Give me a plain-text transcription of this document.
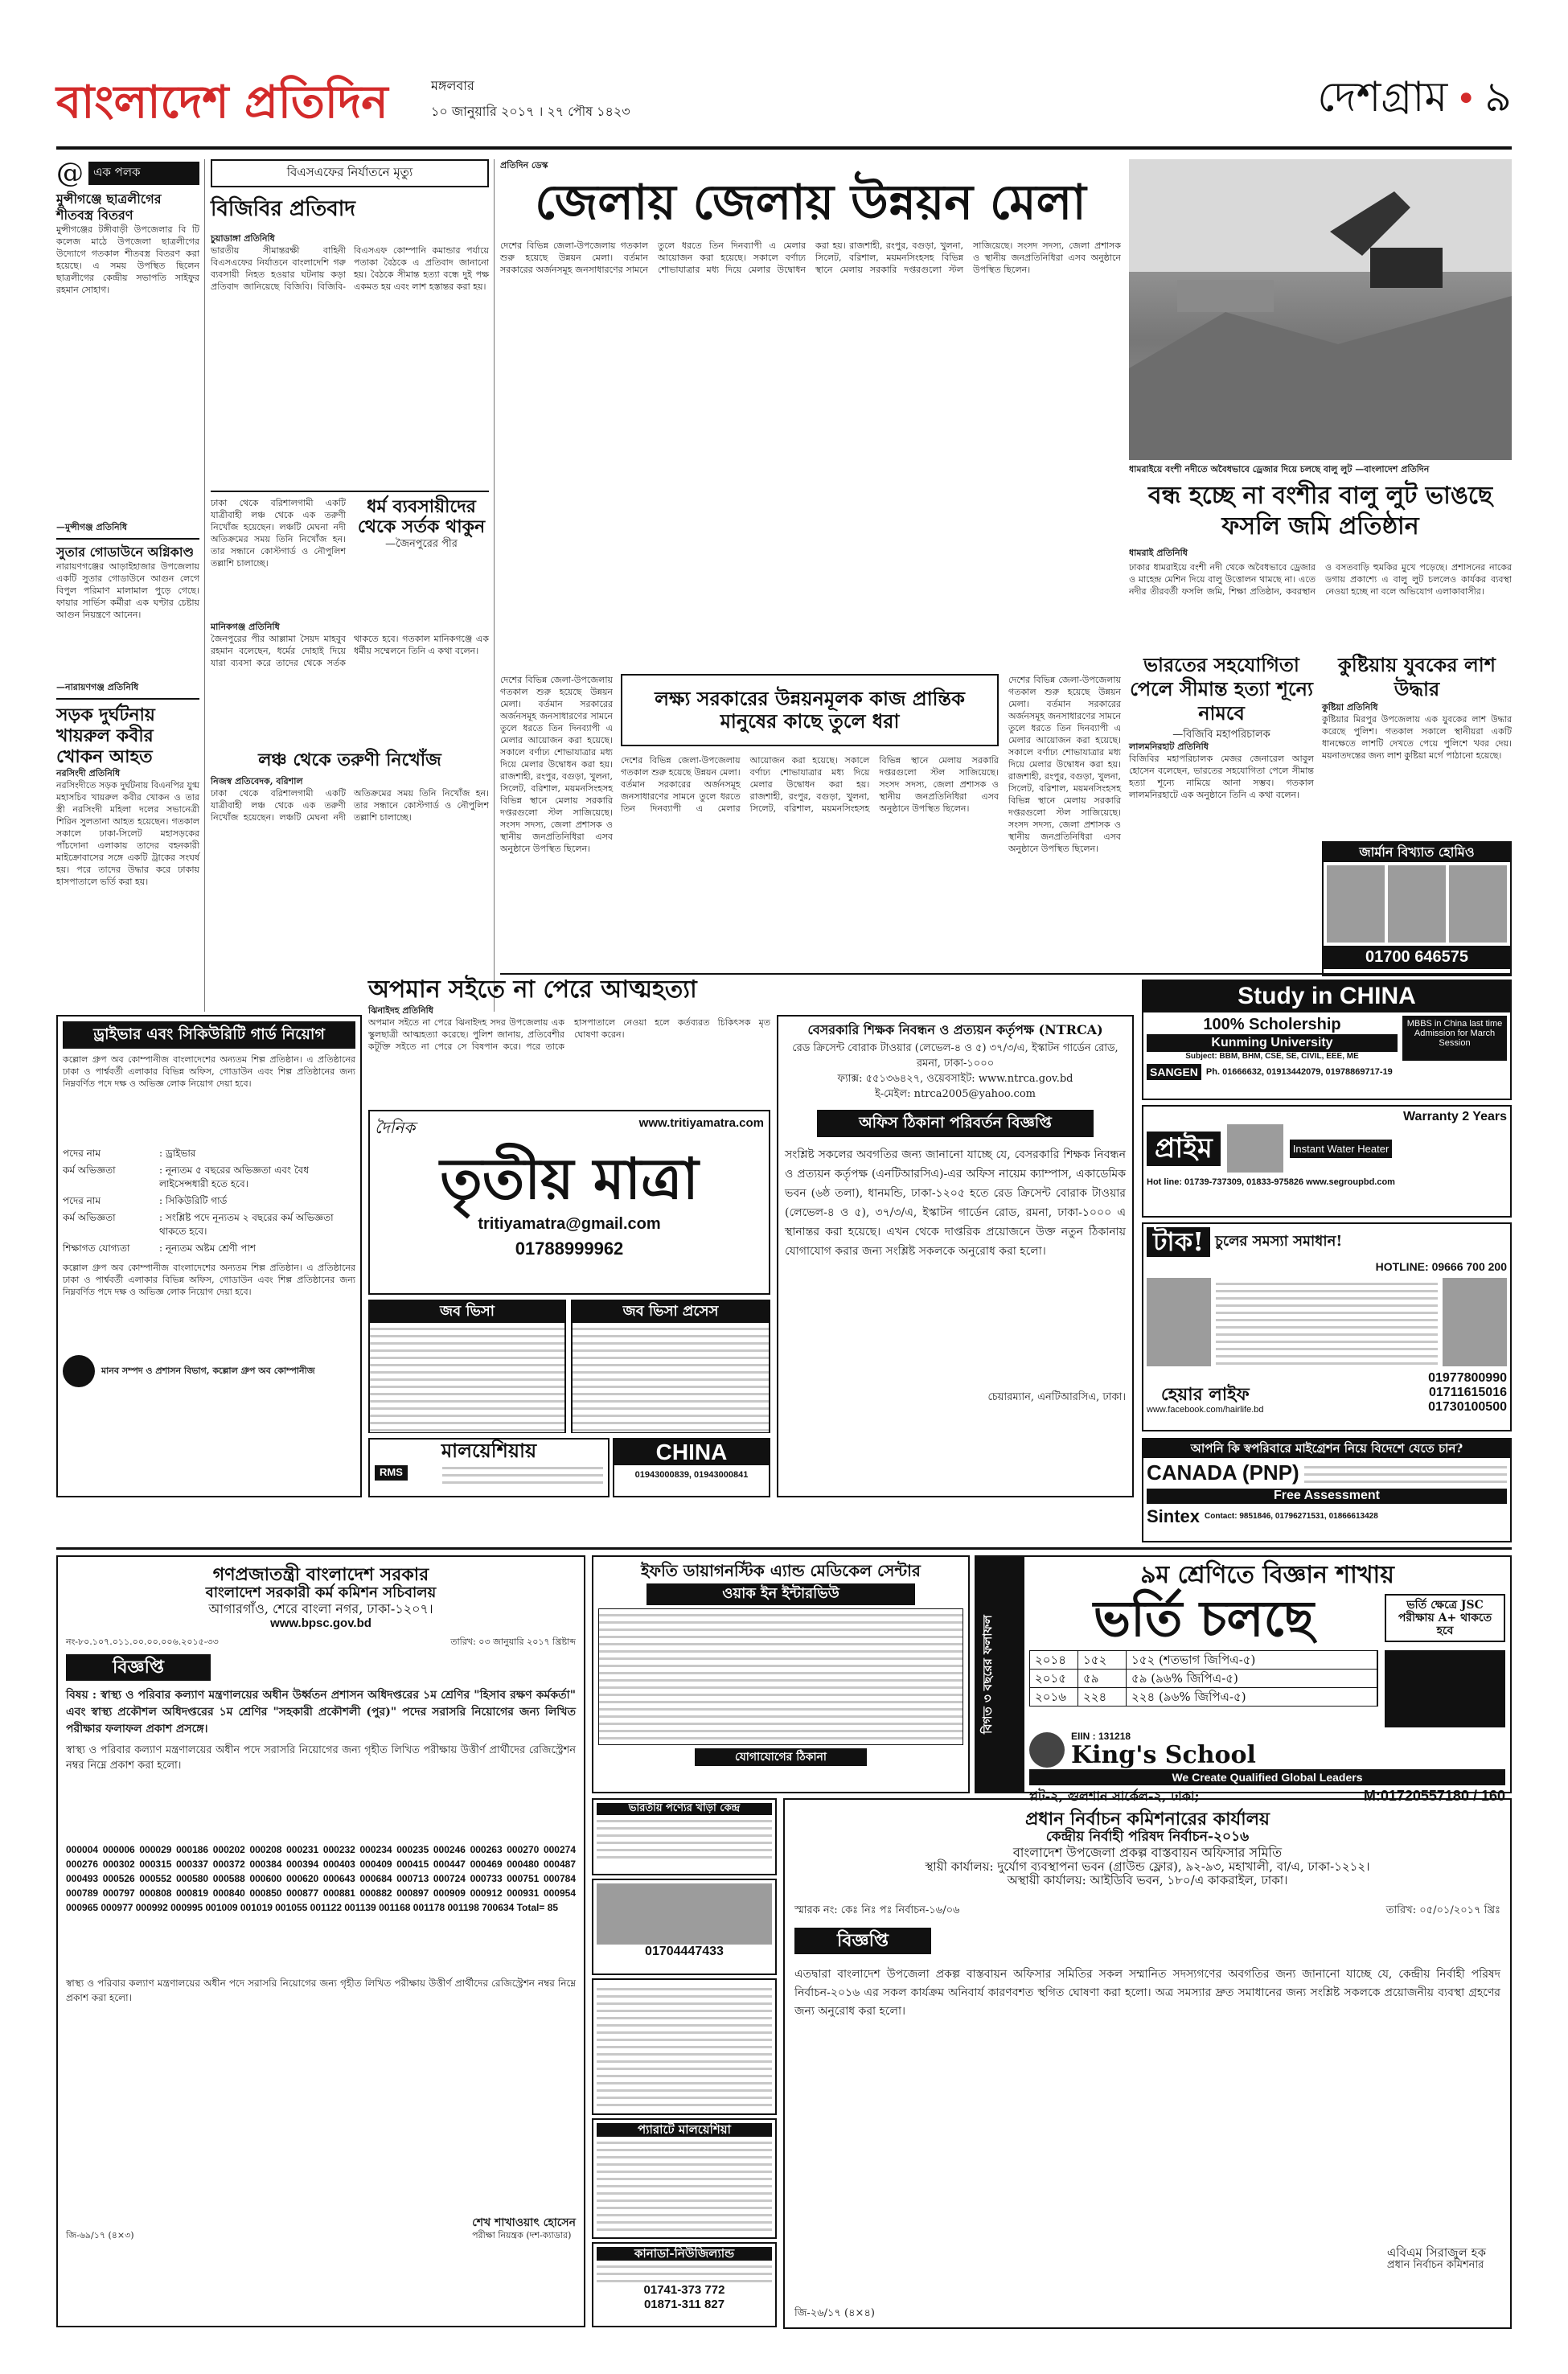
বাংলাদেশ প্রতিদিন	মঙ্গলবার
১০ জানুয়ারি ২০১৭ । ২৭ পৌষ ১৪২৩	দেশগ্রাম • ৯
@ এক পলক
মুন্সীগঞ্জে ছাত্রলীগের শীতবস্ত্র বিতরণ
মুন্সীগঞ্জের টঙ্গীবাড়ী উপজেলার বি টি কলেজ মাঠে উপজেলা ছাত্রলীগের উদ্যোগে গতকাল শীতবস্ত্র বিতরণ করা হয়েছে। এ সময় উপস্থিত ছিলেন ছাত্রলীগের কেন্দ্রীয় সভাপতি সাইফুর রহমান সোহাগ।
—মুন্সীগঞ্জ প্রতিনিধি
সুতার গোডাউনে অগ্নিকাণ্ড
নারায়ণগঞ্জের আড়াইহাজার উপজেলায় একটি সুতার গোডাউনে আগুন লেগে বিপুল পরিমাণ মালামাল পুড়ে গেছে। ফায়ার সার্ভিস কর্মীরা এক ঘণ্টার চেষ্টায় আগুন নিয়ন্ত্রণে আনেন।
—নারায়ণগঞ্জ প্রতিনিধি
সড়ক দুর্ঘটনায় খায়রুল কবীর খোকন আহত
নরসিংদী প্রতিনিধি
নরসিংদীতে সড়ক দুর্ঘটনায় বিএনপির যুগ্ম মহাসচিব খায়রুল কবীর খোকন ও তার স্ত্রী নরসিংদী মহিলা দলের সভানেত্রী শিরিন সুলতানা আহত হয়েছেন। গতকাল সকালে ঢাকা-সিলেট মহাসড়কের পাঁচদোনা এলাকায় তাদের বহনকারী মাইক্রোবাসের সঙ্গে একটি ট্রাকের সংঘর্ষ হয়। পরে তাদের উদ্ধার করে ঢাকায় হাসপাতালে ভর্তি করা হয়।
বিএসএফের নির্যাতনে মৃত্যু
বিজিবির প্রতিবাদ
চুয়াডাঙ্গা প্রতিনিধি
ভারতীয় সীমান্তরক্ষী বাহিনী বিএসএফের নির্যাতনে বাংলাদেশি গরু ব্যবসায়ী নিহত হওয়ার ঘটনায় কড়া প্রতিবাদ জানিয়েছে বিজিবি। বিজিবি-বিএসএফ কোম্পানি কমান্ডার পর্যায়ে পতাকা বৈঠকে এ প্রতিবাদ জানানো হয়। বৈঠকে সীমান্ত হত্যা বন্ধে দুই পক্ষ একমত হয় এবং লাশ হস্তান্তর করা হয়।
ঢাকা থেকে বরিশালগামী একটি যাত্রীবাহী লঞ্চ থেকে এক তরুণী নিখোঁজ হয়েছেন। লঞ্চটি মেঘনা নদী অতিক্রমের সময় তিনি নিখোঁজ হন। তার সন্ধানে কোস্টগার্ড ও নৌপুলিশ তল্লাশি চালাচ্ছে।
ধর্ম ব্যবসায়ীদের থেকে সর্তক থাকুন
—জৈনপুরের পীর
মানিকগঞ্জ প্রতিনিধি
জৈনপুরের পীর আল্লামা সৈয়দ মাহবুব রহমান বলেছেন, ধর্মের দোহাই দিয়ে যারা ব্যবসা করে তাদের থেকে সর্তক থাকতে হবে। গতকাল মানিকগঞ্জে এক ধর্মীয় সম্মেলনে তিনি এ কথা বলেন।
লঞ্চ থেকে তরুণী নিখোঁজ
নিজস্ব প্রতিবেদক, বরিশাল
ঢাকা থেকে বরিশালগামী একটি যাত্রীবাহী লঞ্চ থেকে এক তরুণী নিখোঁজ হয়েছেন। লঞ্চটি মেঘনা নদী অতিক্রমের সময় তিনি নিখোঁজ হন। তার সন্ধানে কোস্টগার্ড ও নৌপুলিশ তল্লাশি চালাচ্ছে।
প্রতিদিন ডেস্ক
জেলায় জেলায় উন্নয়ন মেলা
দেশের বিভিন্ন জেলা-উপজেলায় গতকাল শুরু হয়েছে উন্নয়ন মেলা। বর্তমান সরকারের অর্জনসমূহ জনসাধারণের সামনে তুলে ধরতে তিন দিনব্যাপী এ মেলার আয়োজন করা হয়েছে। সকালে বর্ণাঢ্য শোভাযাত্রার মধ্য দিয়ে মেলার উদ্বোধন করা হয়। রাজশাহী, রংপুর, বগুড়া, খুলনা, সিলেট, বরিশাল, ময়মনসিংহসহ বিভিন্ন স্থানে মেলায় সরকারি দপ্তরগুলো স্টল সাজিয়েছে। সংসদ সদস্য, জেলা প্রশাসক ও স্থানীয় জনপ্রতিনিধিরা এসব অনুষ্ঠানে উপস্থিত ছিলেন।
দেশের বিভিন্ন জেলা-উপজেলায় গতকাল শুরু হয়েছে উন্নয়ন মেলা। বর্তমান সরকারের অর্জনসমূহ জনসাধারণের সামনে তুলে ধরতে তিন দিনব্যাপী এ মেলার আয়োজন করা হয়েছে। সকালে বর্ণাঢ্য শোভাযাত্রার মধ্য দিয়ে মেলার উদ্বোধন করা হয়। রাজশাহী, রংপুর, বগুড়া, খুলনা, সিলেট, বরিশাল, ময়মনসিংহসহ বিভিন্ন স্থানে মেলায় সরকারি দপ্তরগুলো স্টল সাজিয়েছে। সংসদ সদস্য, জেলা প্রশাসক ও স্থানীয় জনপ্রতিনিধিরা এসব অনুষ্ঠানে উপস্থিত ছিলেন।
লক্ষ্য সরকারের উন্নয়নমূলক কাজ প্রান্তিক মানুষের কাছে তুলে ধরা
দেশের বিভিন্ন জেলা-উপজেলায় গতকাল শুরু হয়েছে উন্নয়ন মেলা। বর্তমান সরকারের অর্জনসমূহ জনসাধারণের সামনে তুলে ধরতে তিন দিনব্যাপী এ মেলার আয়োজন করা হয়েছে। সকালে বর্ণাঢ্য শোভাযাত্রার মধ্য দিয়ে মেলার উদ্বোধন করা হয়। রাজশাহী, রংপুর, বগুড়া, খুলনা, সিলেট, বরিশাল, ময়মনসিংহসহ বিভিন্ন স্থানে মেলায় সরকারি দপ্তরগুলো স্টল সাজিয়েছে। সংসদ সদস্য, জেলা প্রশাসক ও স্থানীয় জনপ্রতিনিধিরা এসব অনুষ্ঠানে উপস্থিত ছিলেন।
দেশের বিভিন্ন জেলা-উপজেলায় গতকাল শুরু হয়েছে উন্নয়ন মেলা। বর্তমান সরকারের অর্জনসমূহ জনসাধারণের সামনে তুলে ধরতে তিন দিনব্যাপী এ মেলার আয়োজন করা হয়েছে। সকালে বর্ণাঢ্য শোভাযাত্রার মধ্য দিয়ে মেলার উদ্বোধন করা হয়। রাজশাহী, রংপুর, বগুড়া, খুলনা, সিলেট, বরিশাল, ময়মনসিংহসহ বিভিন্ন স্থানে মেলায় সরকারি দপ্তরগুলো স্টল সাজিয়েছে। সংসদ সদস্য, জেলা প্রশাসক ও স্থানীয় জনপ্রতিনিধিরা এসব অনুষ্ঠানে উপস্থিত ছিলেন।
ধামরাইয়ে বংশী নদীতে অবৈধভাবে ড্রেজার দিয়ে চলছে বালু লুট —বাংলাদেশ প্রতিদিন
বন্ধ হচ্ছে না বংশীর বালু লুট ভাঙছে ফসলি জমি প্রতিষ্ঠান
ধামরাই প্রতিনিধি
ঢাকার ধামরাইয়ে বংশী নদী থেকে অবৈধভাবে ড্রেজার ও মাহেন্দ্র মেশিন দিয়ে বালু উত্তোলন থামছে না। এতে নদীর তীরবর্তী ফসলি জমি, শিক্ষা প্রতিষ্ঠান, কবরস্থান ও বসতবাড়ি হুমকির মুখে পড়েছে। প্রশাসনের নাকের ডগায় প্রকাশ্যে এ বালু লুট চললেও কার্যকর ব্যবস্থা নেওয়া হচ্ছে না বলে অভিযোগ এলাকাবাসীর।
ভারতের সহযোগিতা পেলে সীমান্ত হত্যা শূন্যে নামবে
—বিজিবি মহাপরিচালক
লালমনিরহাট প্রতিনিধি
বিজিবির মহাপরিচালক মেজর জেনারেল আবুল হোসেন বলেছেন, ভারতের সহযোগিতা পেলে সীমান্ত হত্যা শূন্যে নামিয়ে আনা সম্ভব। গতকাল লালমনিরহাটে এক অনুষ্ঠানে তিনি এ কথা বলেন।
কুষ্টিয়ায় যুবকের লাশ উদ্ধার
কুষ্টিয়া প্রতিনিধি
কুষ্টিয়ার মিরপুর উপজেলায় এক যুবকের লাশ উদ্ধার করেছে পুলিশ। গতকাল সকালে স্থানীয়রা একটি ধানক্ষেতে লাশটি দেখতে পেয়ে পুলিশে খবর দেয়। ময়নাতদন্তের জন্য লাশ কুষ্টিয়া মর্গে পাঠানো হয়েছে।
জার্মান বিখ্যাত হোমিও
01700 646575
অপমান সইতে না পেরে আত্মহত্যা
ঝিনাইদহ প্রতিনিধি
অপমান সইতে না পেরে ঝিনাইদহ সদর উপজেলায় এক স্কুলছাত্রী আত্মহত্যা করেছে। পুলিশ জানায়, প্রতিবেশীর কটূক্তি সইতে না পেরে সে বিষপান করে। পরে তাকে হাসপাতালে নেওয়া হলে কর্তব্যরত চিকিৎসক মৃত ঘোষণা করেন।
ড্রাইভার এবং সিকিউরিটি গার্ড নিয়োগ
কল্লোল গ্রুপ অব কোম্পানীজ বাংলাদেশের অন্যতম শিল্প প্রতিষ্ঠান। এ প্রতিষ্ঠানের ঢাকা ও পার্শ্ববর্তী এলাকার বিভিন্ন অফিস, গোডাউন এবং শিল্প প্রতিষ্ঠানের জন্য নিম্নবর্ণিত পদে দক্ষ ও অভিজ্ঞ লোক নিয়োগ দেয়া হবে।
পদের নাম	: ড্রাইভার
কর্ম অভিজ্ঞতা	: নূন্যতম ৫ বছরের অভিজ্ঞতা এবং বৈধ লাইসেন্সধারী হতে হবে।
পদের নাম	: সিকিউরিটি গার্ড
কর্ম অভিজ্ঞতা	: সংশ্লিষ্ট পদে নূন্যতম ২ বছরের কর্ম অভিজ্ঞতা থাকতে হবে।
শিক্ষাগত যোগ্যতা	: নূন্যতম অষ্টম শ্রেণী পাশ
কল্লোল গ্রুপ অব কোম্পানীজ বাংলাদেশের অন্যতম শিল্প প্রতিষ্ঠান। এ প্রতিষ্ঠানের ঢাকা ও পার্শ্ববর্তী এলাকার বিভিন্ন অফিস, গোডাউন এবং শিল্প প্রতিষ্ঠানের জন্য নিম্নবর্ণিত পদে দক্ষ ও অভিজ্ঞ লোক নিয়োগ দেয়া হবে।
মানব সম্পদ ও প্রশাসন বিভাগ, কল্লোল গ্রুপ অব কোম্পানীজ
বেসরকারি শিক্ষক নিবন্ধন ও প্রত্যয়ন কর্তৃপক্ষ (NTRCA)
রেড ক্রিসেন্ট বোরাক টাওয়ার (লেভেল-৪ ও ৫) ৩৭/৩/এ, ইস্কাটন গার্ডেন রোড, রমনা, ঢাকা-১০০০
ফ্যাক্স: ৫৫১৩৬৪২৭, ওয়েবসাইট: www.ntrca.gov.bd
ই-মেইল: ntrca2005@yahoo.com
অফিস ঠিকানা পরিবর্তন বিজ্ঞপ্তি
সংশ্লিষ্ট সকলের অবগতির জন্য জানানো যাচ্ছে যে, বেসরকারি শিক্ষক নিবন্ধন ও প্রত্যয়ন কর্তৃপক্ষ (এনটিআরসিএ)-এর অফিস নায়েম ক্যাম্পাস, একাডেমিক ভবন (৬ষ্ঠ তলা), ধানমন্ডি, ঢাকা-১২০৫ হতে রেড ক্রিসেন্ট বোরাক টাওয়ার (লেভেল-৪ ও ৫), ৩৭/৩/এ, ইস্কাটন গার্ডেন রোড, রমনা, ঢাকা-১০০০ এ স্থানান্তর করা হয়েছে। এখন থেকে দাপ্তরিক প্রয়োজনে উক্ত নতুন ঠিকানায় যোগাযোগ করার জন্য সংশ্লিষ্ট সকলকে অনুরোধ করা হলো।
চেয়ারম্যান, এনটিআরসিএ, ঢাকা।
দৈনিক	www.tritiyamatra.com
তৃতীয় মাত্রা
tritiyamatra@gmail.com
01788999962
জব ভিসা	জব ভিসা প্রসেস
Study in CHINA
100% Scholership
Kunming University
Subject: BBM, BHM, CSE, SE, CIVIL, EEE, ME
MBBS in China last time Admission for March Session
SANGEN Ph. 01666632, 01913442079, 01978869717-19
Warranty 2 Years
প্রাইম	Instant Water Heater
Hot line: 01739-737309, 01833-975826 www.segroupbd.com
টাক! চুলের সমস্যা সমাধান!
HOTLINE: 09666 700 200
হেয়ার লাইফ
www.facebook.com/hairlife.bd
01977800990
01711615016
01730100500
মালয়েশিয়ায়
RMS
CHINA
01943000839, 01943000841
আপনি কি স্বপরিবারে মাইগ্রেশন নিয়ে বিদেশে যেতে চান?
CANADA (PNP)
Free Assessment
Sintex Contact: 9851846, 01796271531, 01866613428
গণপ্রজাতন্ত্রী বাংলাদেশ সরকার
বাংলাদেশ সরকারী কর্ম কমিশন সচিবালয়
আগারগাঁও, শেরে বাংলা নগর, ঢাকা-১২০৭।
www.bpsc.gov.bd
নং-৮০.১০৭.০১১.০০.০০.০০৬.২০১৫-৩৩	তারিখ: ০৩ জানুয়ারি ২০১৭ খ্রিষ্টাব্দ
বিজ্ঞপ্তি
বিষয় : স্বাস্থ্য ও পরিবার কল্যাণ মন্ত্রণালয়ের অধীন উর্ধ্বতন প্রশাসন অধিদপ্তরের ১ম শ্রেণির "হিসাব রক্ষণ কর্মকর্তা" এবং স্বাস্থ্য প্রকৌশল অধিদপ্তরের ১ম শ্রেণির "সহকারী প্রকৌশলী (পুর)" পদের সরাসরি নিয়োগের জন্য লিখিত পরীক্ষার ফলাফল প্রকাশ প্রসঙ্গে।
স্বাস্থ্য ও পরিবার কল্যাণ মন্ত্রণালয়ের অধীন পদে সরাসরি নিয়োগের জন্য গৃহীত লিখিত পরীক্ষায় উত্তীর্ণ প্রার্থীদের রেজিস্ট্রেশন নম্বর নিম্নে প্রকাশ করা হলো।
000004 000006 000029 000186 000202 000208 000231 000232 000234 000235 000246 000263 000270 000274 000276 000302 000315 000337 000372 000384 000394 000403 000409 000415 000447 000469 000480 000487 000493 000526 000552 000580 000588 000600 000620 000643 000684 000713 000724 000733 000751 000784 000789 000797 000808 000819 000840 000850 000877 000881 000882 000897 000909 000912 000931 000954 000965 000977 000992 000995 001009 001019 001055 001122 001139 001168 001178 001198 700634 Total= 85
স্বাস্থ্য ও পরিবার কল্যাণ মন্ত্রণালয়ের অধীন পদে সরাসরি নিয়োগের জন্য গৃহীত লিখিত পরীক্ষায় উত্তীর্ণ প্রার্থীদের রেজিস্ট্রেশন নম্বর নিম্নে প্রকাশ করা হলো।
জি-৬৯/১৭ (৪×৩)
শেখ শাখাওয়াৎ হোসেন
পরীক্ষা নিয়ন্ত্রক (দশ-ক্যাডার)
ইফতি ডায়াগনস্টিক এ্যান্ড মেডিকেল সেন্টার
ওয়াক ইন ইন্টারভিউ
যোগাযোগের ঠিকানা
বিগত ৩ বছরের ফলাফল
৯ম শ্রেণিতে বিজ্ঞান শাখায়
ভর্তি চলছে	ভর্তি ক্ষেত্রে JSC পরীক্ষায় A+ থাকতে হবে
২০১৪	১৫২	১৫২ (শতভাগ জিপিএ-৫)
২০১৫	৫৯	৫৯ (৯৬% জিপিএ-৫)
২০১৬	২২৪	২২৪ (৯৬% জিপিএ-৫)
EIIN : 131218
King's School
We Create Qualified Global Leaders
প্লট-২, গুলশান সার্কেল-২, ঢাকা;	M:01720557180 / 160
ভারতীয় পণ্যের খাঁড়া কেন্দ্র
01704447433
প্যারাটে মালয়েশিয়া
কানাডা-নিউজিল্যান্ড
01741-373 772
01871-311 827
প্রধান নির্বাচন কমিশনারের কার্যালয়
কেন্দ্রীয় নির্বাহী পরিষদ নির্বাচন-২০১৬
বাংলাদেশ উপজেলা প্রকল্প বাস্তবায়ন অফিসার সমিতি
স্থায়ী কার্যালয়: দুর্যোগ ব্যবস্থাপনা ভবন (গ্রাউন্ড ফ্লোর), ৯২-৯৩, মহাখালী, বা/এ, ঢাকা-১২১২।
অস্থায়ী কার্যালয়: আইডিবি ভবন, ১৮০/এ কাকরাইল, ঢাকা।
স্মারক নং: কেঃ নিঃ পঃ নির্বাচন-১৬/০৬	তারিখ: ০৫/০১/২০১৭ খ্রিঃ
বিজ্ঞপ্তি
এতদ্বারা বাংলাদেশ উপজেলা প্রকল্প বাস্তবায়ন অফিসার সমিতির সকল সম্মানিত সদস্যগণের অবগতির জন্য জানানো যাচ্ছে যে, কেন্দ্রীয় নির্বাহী পরিষদ নির্বাচন-২০১৬ এর সকল কার্যক্রম অনিবার্য কারণবশত স্থগিত ঘোষণা করা হলো। অত্র সমস্যার দ্রুত সমাধানের জন্য সংশ্লিষ্ট সকলকে প্রয়োজনীয় ব্যবস্থা গ্রহণের জন্য অনুরোধ করা হলো।
এবিএম সিরাজুল হক
প্রধান নির্বাচন কমিশনার
জি-২৬/১৭ (৪×৪)
